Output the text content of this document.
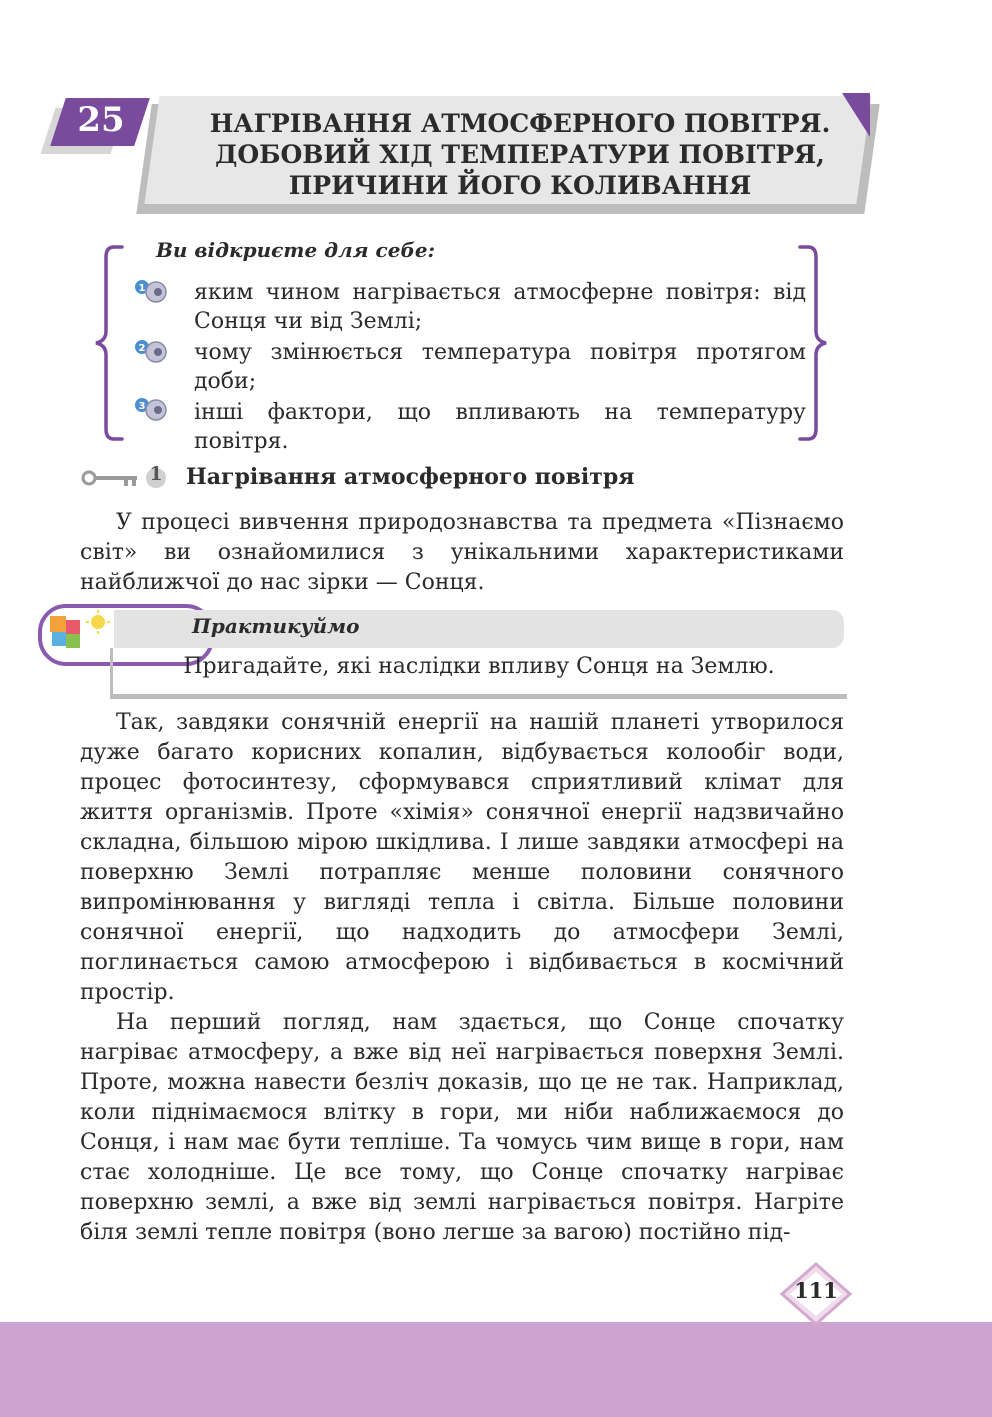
25	НАГРІВАННЯ АТМОСФЕРНОГО ПОВІТРЯ.
ДОБОВИЙ ХІД ТЕМПЕРАТУРИ ПОВІТРЯ,
ПРИЧИНИ ЙОГО КОЛИВАННЯ
Ви відкриєте для себе:
1
2
3
яким чином нагрівається атмосферне повітря: від Сонця чи від Землі;
чому змінюється температура повітря протягом доби;
інші фактори, що впливають на температуру повітря.
1 Нагрівання атмосферного повітря
У процесі вивчення природознавства та предмета «Пізнаємо світ» ви ознайомилися з унікальними характеристиками найближчої до нас зірки — Сонця.
Практикуймо
Пригадайте, які наслідки впливу Сонця на Землю.

Так, завдяки сонячній енергії на нашій планеті утворилося дуже багато корисних копалин, відбувається колообіг води, процес фотосинтезу, сформувався сприятливий клімат для життя організмів. Проте «хімія» сонячної енергії надзвичайно складна, більшою мірою шкідлива. І лише завдяки атмосфері на поверхню Землі потрапляє менше половини сонячного випромінювання у вигляді тепла і світла. Більше половини сонячної енергії, що надходить до атмосфери Землі, поглинається самою атмосферою і відбивається в космічний простір.

На перший погляд, нам здається, що Сонце спочатку нагріває атмосферу, а вже від неї нагрівається поверхня Землі. Проте, можна навести безліч доказів, що це не так. Наприклад, коли піднімаємося влітку в гори, ми ніби наближаємося до Сонця, і нам має бути тепліше. Та чомусь чим вище в гори, нам стає холодніше. Це все тому, що Сонце спочатку нагріває поверхню землі, а вже від землі нагрівається повітря. Нагріте біля землі тепле повітря (воно легше за вагою) постійно під-

111
